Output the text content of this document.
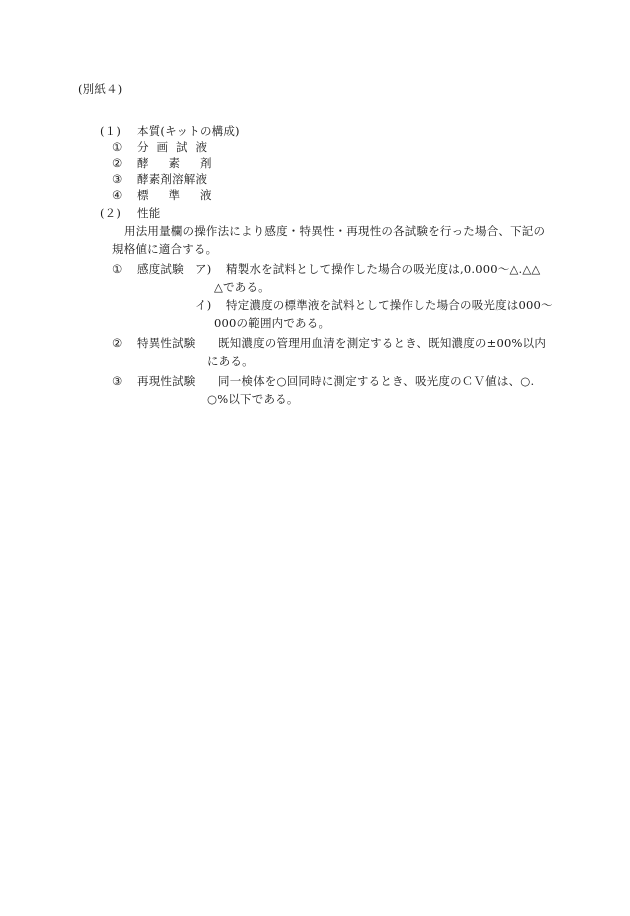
(別紙４)
(１) 本質(キットの構成)
① 分画試液
② 酵素剤
③ 酵素剤溶解液
④ 標準液
(２) 性能
用法用量欄の操作法により感度・特異性・再現性の各試験を行った場合、下記の
規格値に適合する。
① 感度試験 ア) 精製水を試料として操作した場合の吸光度は,0.000～△.△△
△である。
イ) 特定濃度の標準液を試料として操作した場合の吸光度は000～
000の範囲内である。
② 特異性試験 既知濃度の管理用血清を測定するとき、既知濃度の±00%以内
にある。
③ 再現性試験 同一検体を○回同時に測定するとき、吸光度のＣＶ値は、○.
○%以下である。
